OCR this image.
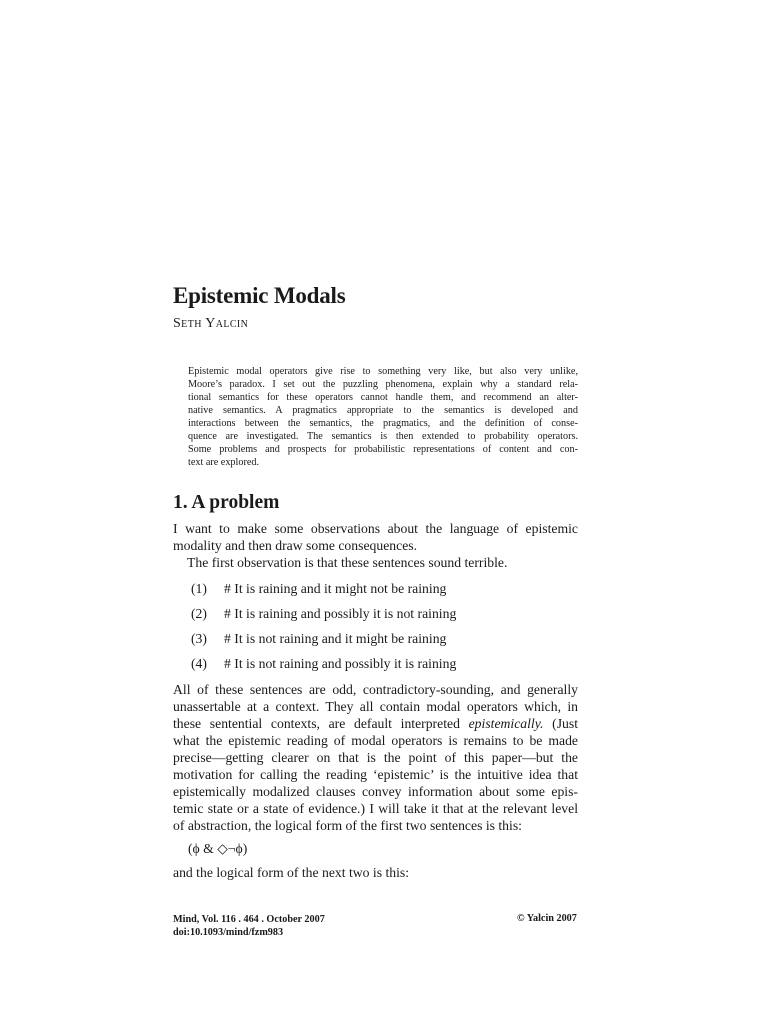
Epistemic Modals
Seth Yalcin
Epistemic modal operators give rise to something very like, but also very unlike,
Moore’s paradox. I set out the puzzling phenomena, explain why a standard rela-
tional semantics for these operators cannot handle them, and recommend an alter-
native semantics. A pragmatics appropriate to the semantics is developed and
interactions between the semantics, the pragmatics, and the definition of conse-
quence are investigated. The semantics is then extended to probability operators.
Some problems and prospects for probabilistic representations of content and con-
text are explored.
1. A problem
I want to make some observations about the language of epistemic
modality and then draw some consequences.
The first observation is that these sentences sound terrible.
(1) # It is raining and it might not be raining
(2) # It is raining and possibly it is not raining
(3) # It is not raining and it might be raining
(4) # It is not raining and possibly it is raining
All of these sentences are odd, contradictory-sounding, and generally
unassertable at a context. They all contain modal operators which, in
these sentential contexts, are default interpreted epistemically. (Just
what the epistemic reading of modal operators is remains to be made
precise—getting clearer on that is the point of this paper—but the
motivation for calling the reading ‘epistemic’ is the intuitive idea that
epistemically modalized clauses convey information about some epis-
temic state or a state of evidence.) I will take it that at the relevant level
of abstraction, the logical form of the first two sentences is this:
(ϕ & ◇¬ϕ)
and the logical form of the next two is this:
Mind, Vol. 116 . 464 . October 2007
doi:10.1093/mind/fzm983
© Yalcin 2007
